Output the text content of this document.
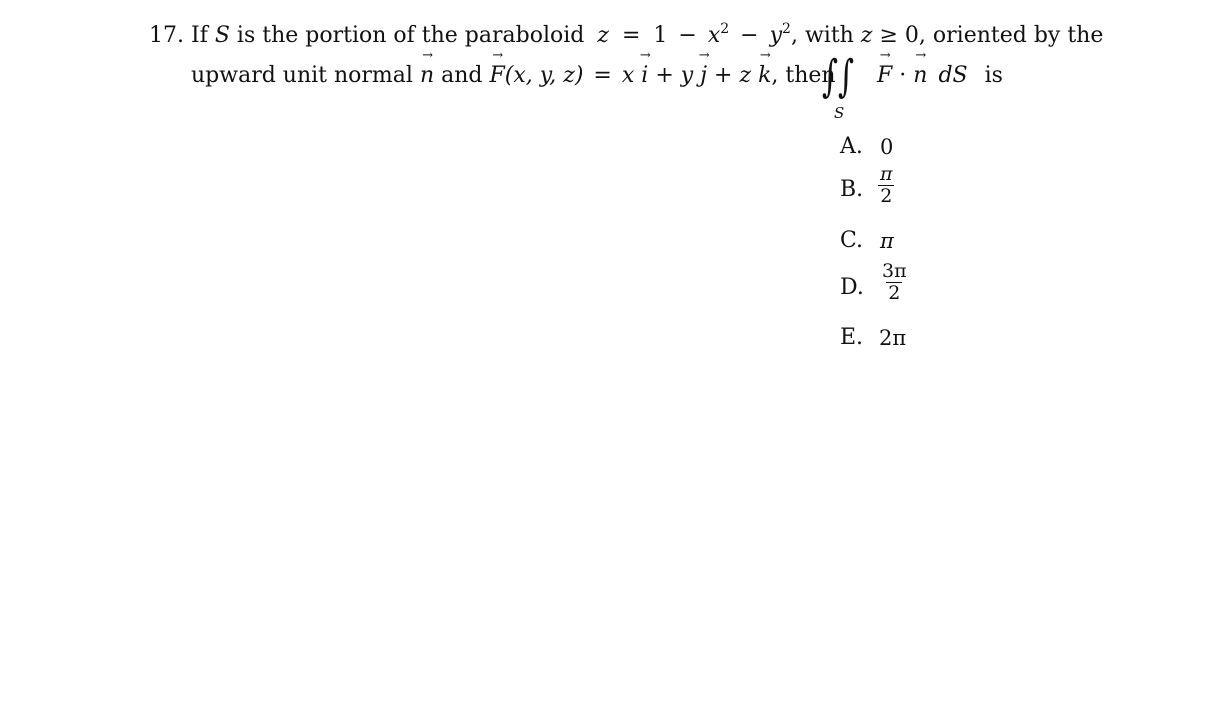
17. If S is the portion of the paraboloid $z = 1 - x^2 - y^2$, with z ≥ 0, oriented by the
upward unit normal → n and → F(x, y, z) = x → i + y → j + z → k, then
∫∫
S
→ F · → n dS is
A. 0
B. $\frac{\pi}{2}$
C. π
D. $\frac{3\pi}{2}$
E. 2π
